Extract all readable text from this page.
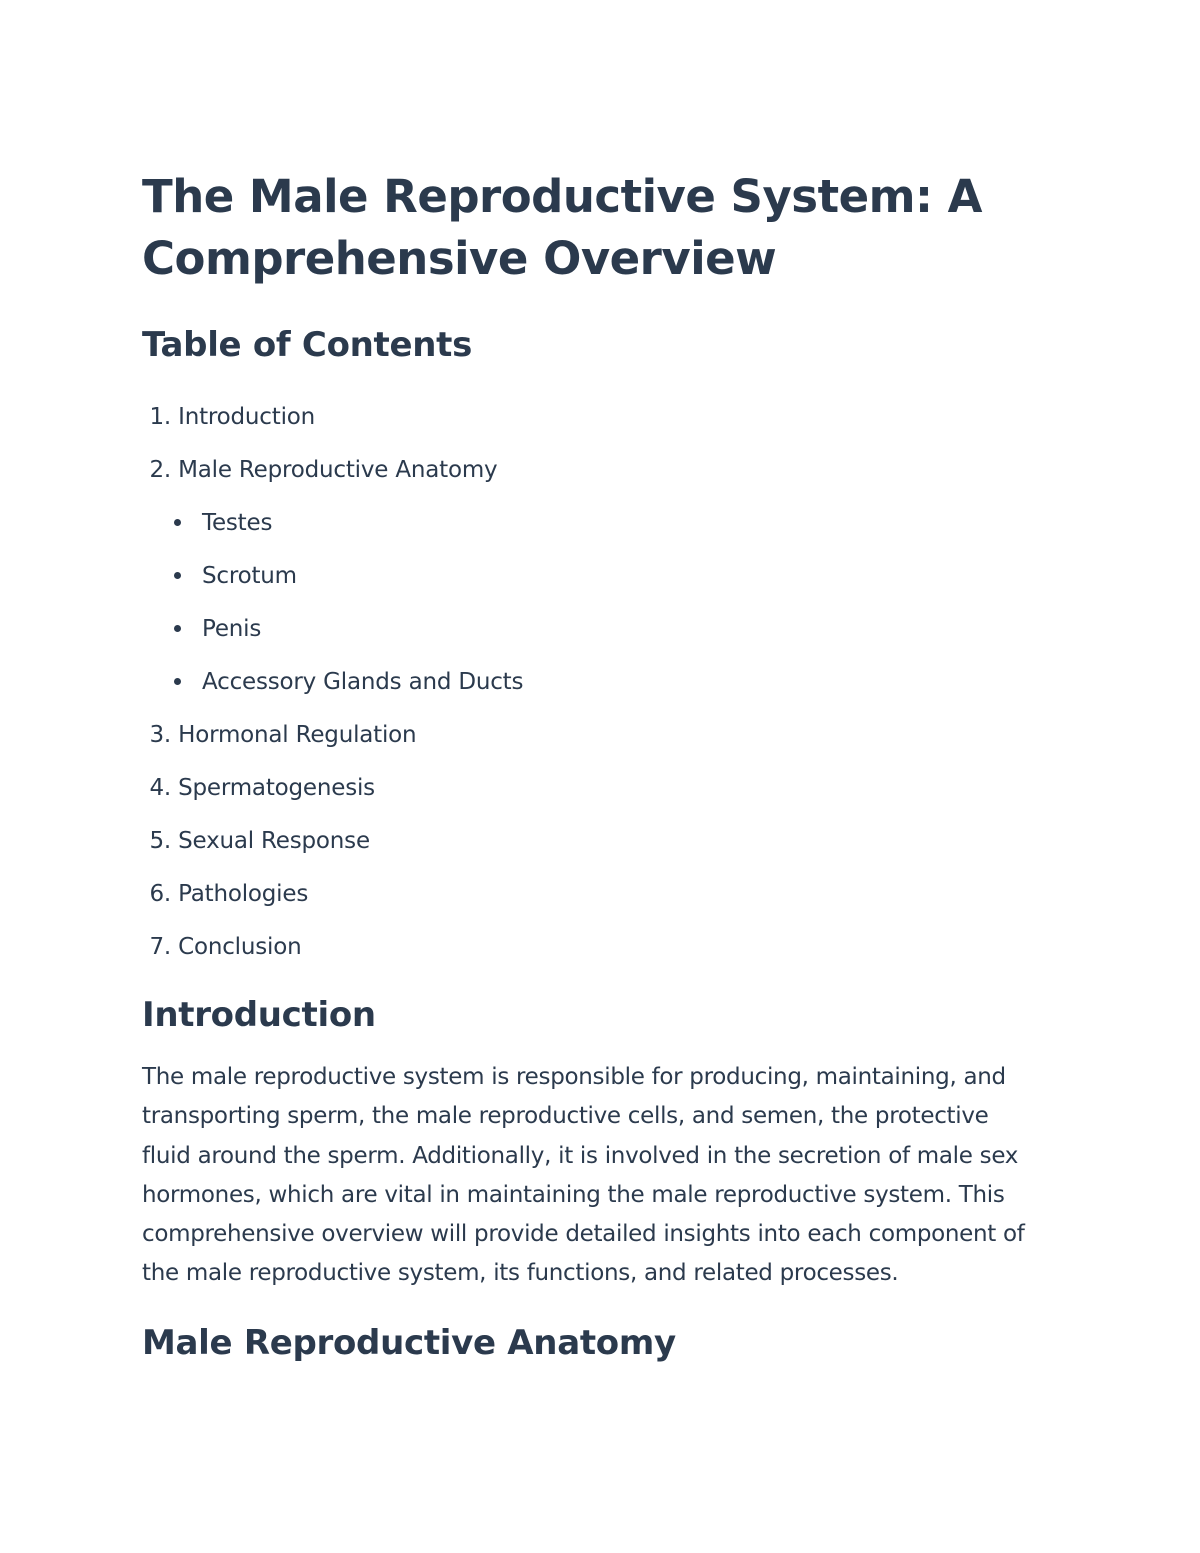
The Male Reproductive System: A Comprehensive Overview
Table of Contents
1. Introduction
2. Male Reproductive Anatomy
Testes
Scrotum
Penis
Accessory Glands and Ducts
3. Hormonal Regulation
4. Spermatogenesis
5. Sexual Response
6. Pathologies
7. Conclusion
Introduction

The male reproductive system is responsible for producing, maintaining, and transporting sperm, the male reproductive cells, and semen, the protective fluid around the sperm. Additionally, it is involved in the secretion of male sex hormones, which are vital in maintaining the male reproductive system. This comprehensive overview will provide detailed insights into each component of the male reproductive system, its functions, and related processes.

Male Reproductive Anatomy
